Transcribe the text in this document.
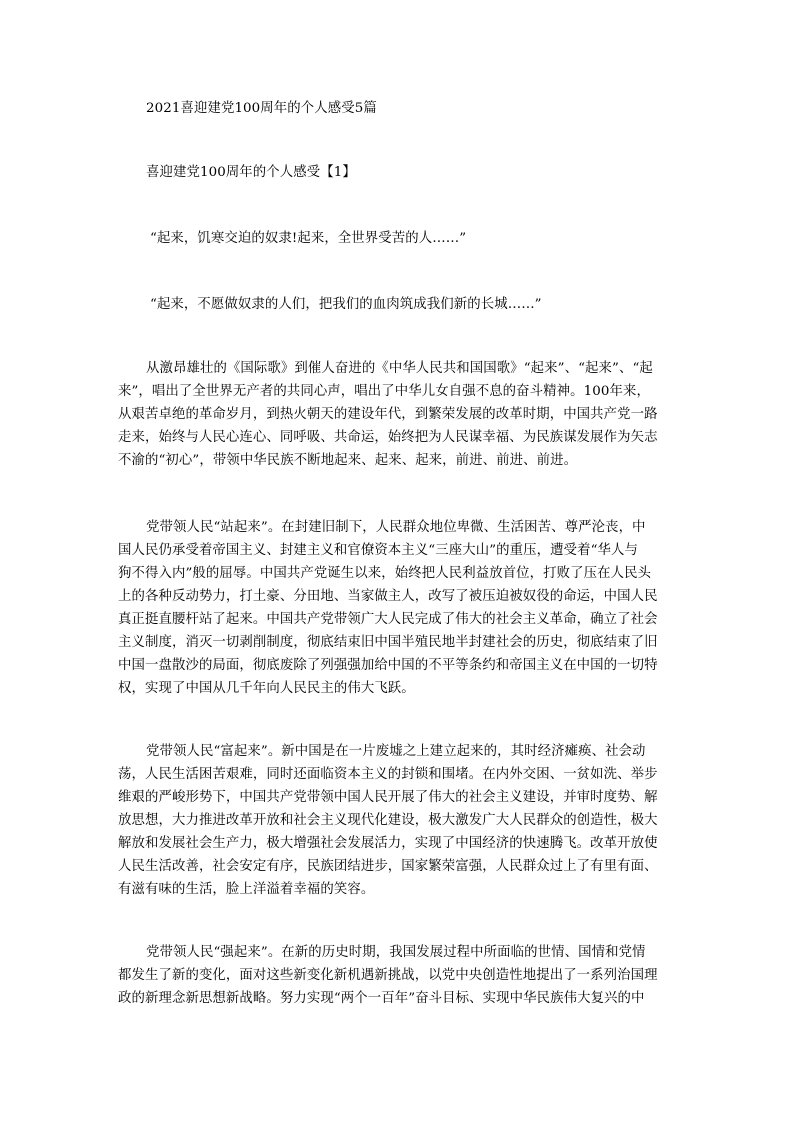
2021喜迎建党100周年的个人感受5篇

喜迎建党100周年的个人感受【1】

“起来，饥寒交迫的奴隶!起来，全世界受苦的人……”

“起来，不愿做奴隶的人们，把我们的血肉筑成我们新的长城……”

从激昂雄壮的《国际歌》到催人奋进的《中华人民共和国国歌》“起来”、“起来”、“起

来”，唱出了全世界无产者的共同心声，唱出了中华儿女自强不息的奋斗精神。100年来，

从艰苦卓绝的革命岁月，到热火朝天的建设年代，到繁荣发展的改革时期，中国共产党一路

走来，始终与人民心连心、同呼吸、共命运，始终把为人民谋幸福、为民族谋发展作为矢志

不渝的“初心”，带领中华民族不断地起来、起来、起来，前进、前进、前进。

党带领人民“站起来”。在封建旧制下，人民群众地位卑微、生活困苦、尊严沦丧，中

国人民仍承受着帝国主义、封建主义和官僚资本主义“三座大山”的重压，遭受着“华人与

狗不得入内”般的屈辱。中国共产党诞生以来，始终把人民利益放首位，打败了压在人民头

上的各种反动势力，打土豪、分田地、当家做主人，改写了被压迫被奴役的命运，中国人民

真正挺直腰杆站了起来。中国共产党带领广大人民完成了伟大的社会主义革命，确立了社会

主义制度，消灭一切剥削制度，彻底结束旧中国半殖民地半封建社会的历史，彻底结束了旧

中国一盘散沙的局面，彻底废除了列强强加给中国的不平等条约和帝国主义在中国的一切特

权，实现了中国从几千年向人民民主的伟大飞跃。

党带领人民“富起来”。新中国是在一片废墟之上建立起来的，其时经济瘫痪、社会动

荡，人民生活困苦艰难，同时还面临资本主义的封锁和围堵。在内外交困、一贫如洗、举步

维艰的严峻形势下，中国共产党带领中国人民开展了伟大的社会主义建设，并审时度势、解

放思想，大力推进改革开放和社会主义现代化建设，极大激发广大人民群众的创造性，极大

解放和发展社会生产力，极大增强社会发展活力，实现了中国经济的快速腾飞。改革开放使

人民生活改善，社会安定有序，民族团结进步，国家繁荣富强，人民群众过上了有里有面、

有滋有味的生活，脸上洋溢着幸福的笑容。

党带领人民“强起来”。在新的历史时期，我国发展过程中所面临的世情、国情和党情

都发生了新的变化，面对这些新变化新机遇新挑战，以党中央创造性地提出了一系列治国理

政的新理念新思想新战略。努力实现“两个一百年”奋斗目标、实现中华民族伟大复兴的中
